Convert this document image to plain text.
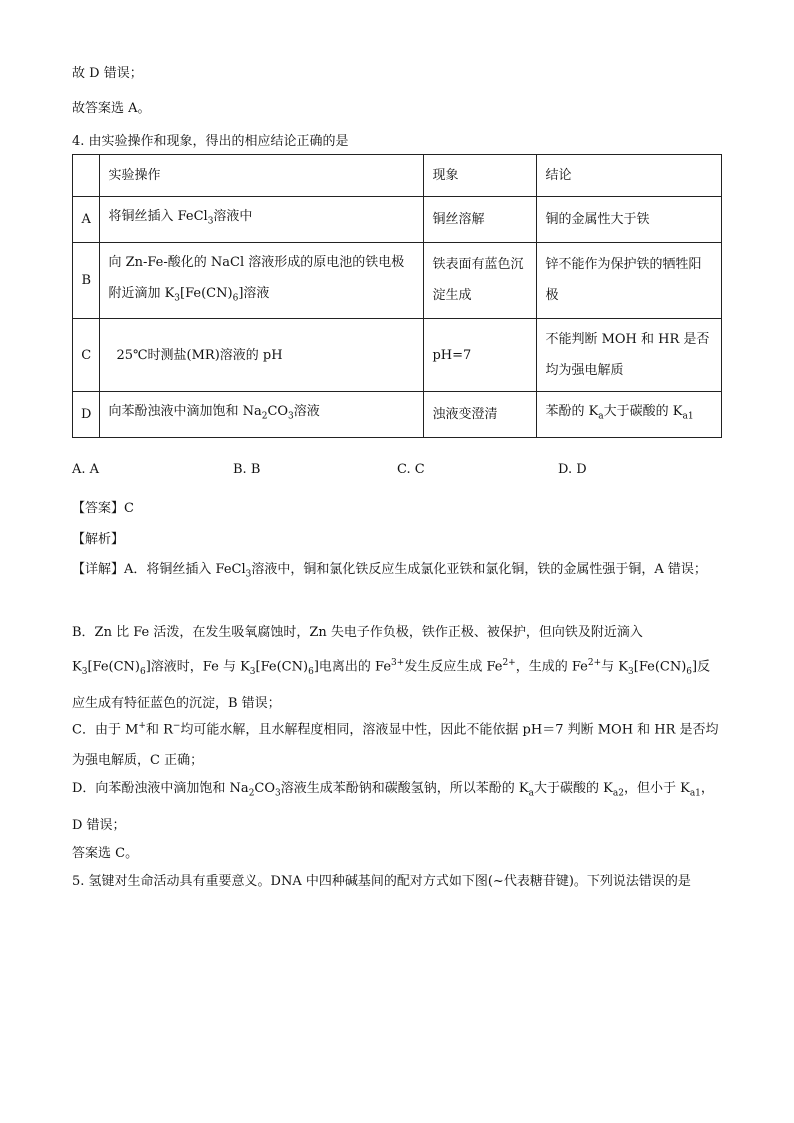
故 D 错误；
故答案选 A。
4. 由实验操作和现象，得出的相应结论正确的是
	实验操作	现象	结论
A	将铜丝插入 FeCl$_3$溶液中	铜丝溶解	铜的金属性大于铁
B	向 Zn-Fe-酸化的 NaCl 溶液形成的原电池的铁电极附近滴加 $K_3[Fe(CN)_6]$溶液	铁表面有蓝色沉淀生成	锌不能作为保护铁的牺牲阳极
C	25℃时测盐(MR)溶液的 pH	pH=7	不能判断 MOH 和 HR 是否均为强电解质
D	向苯酚浊液中滴加饱和 $Na_2CO_3$溶液	浊液变澄清	苯酚的 $K_a$大于碳酸的 $K_{a1}$
A. A	B. B	C. C	D. D
【答案】C
【解析】
【详解】A．将铜丝插入 FeCl$_3$溶液中，铜和氯化铁反应生成氯化亚铁和氯化铜，铁的金属性强于铜，A 错误；
B．Zn 比 Fe 活泼，在发生吸氧腐蚀时，Zn 失电子作负极，铁作正极、被保护，但向铁及附近滴入 $K_3[Fe(CN)_6]$溶液时，Fe 与 $K_3[Fe(CN)_6]$电离出的 $Fe^{3+}$发生反应生成 $Fe^{2+}$，生成的 $Fe^{2+}$与 $K_3[Fe(CN)_6]$反应生成有特征蓝色的沉淀，B 错误；
C．由于 M+和 R−均可能水解，且水解程度相同，溶液显中性，因此不能依据 pH＝7 判断 MOH 和 HR 是否均为强电解质，C 正确；
D．向苯酚浊液中滴加饱和 $Na_2CO_3$溶液生成苯酚钠和碳酸氢钠，所以苯酚的 $K_a$大于碳酸的 $K_{a2}$，但小于 $K_{a1}$，D 错误；
答案选 C。
5. 氢键对生命活动具有重要意义。DNA 中四种碱基间的配对方式如下图(~代表糖苷键)。下列说法错误的是
